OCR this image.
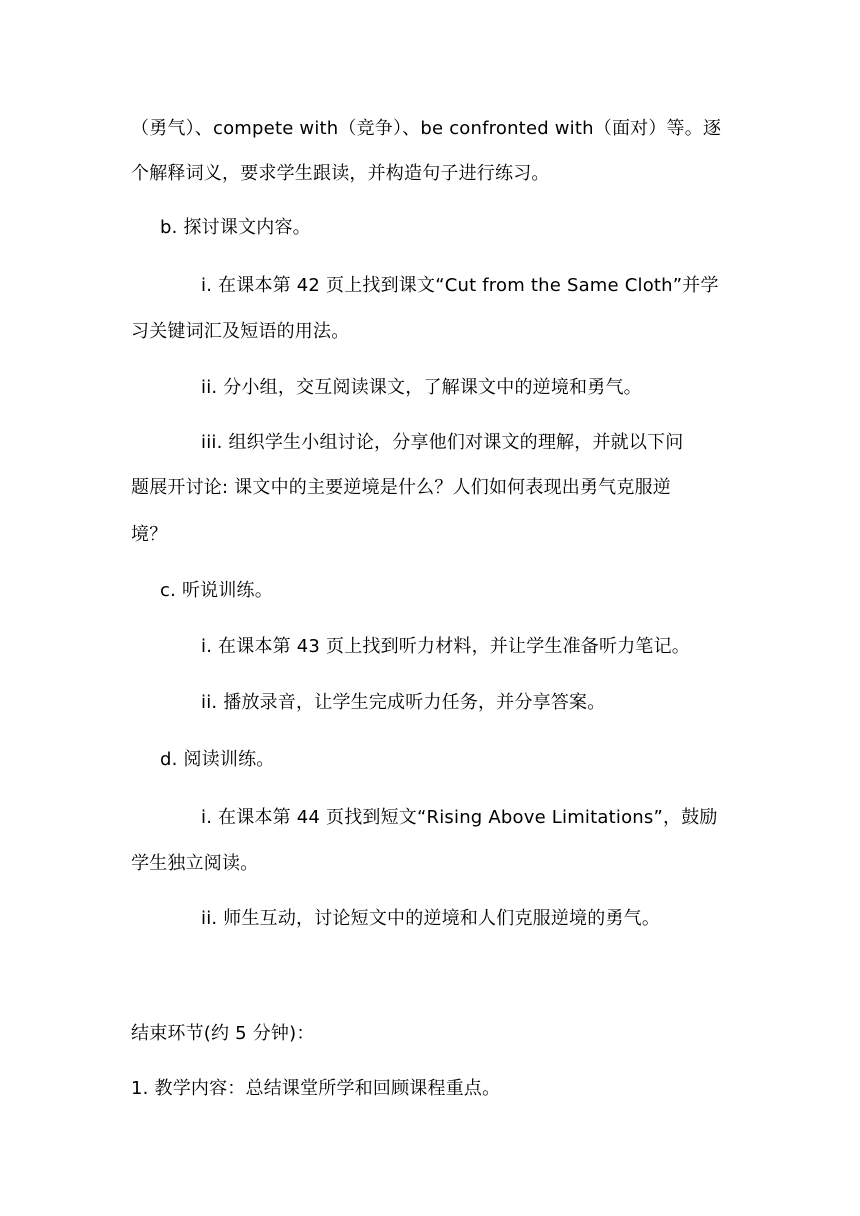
（勇气）、compete with（竞争）、be confronted with（面对）等。逐
个解释词义，要求学生跟读，并构造句子进行练习。
b. 探讨课文内容。
i. 在课本第 42 页上找到课文“Cut from the Same Cloth”并学
习关键词汇及短语的用法。
ii. 分小组，交互阅读课文，了解课文中的逆境和勇气。
iii. 组织学生小组讨论，分享他们对课文的理解，并就以下问
题展开讨论: 课文中的主要逆境是什么？人们如何表现出勇气克服逆
境？
c. 听说训练。
i. 在课本第 43 页上找到听力材料，并让学生准备听力笔记。
ii. 播放录音，让学生完成听力任务，并分享答案。
d. 阅读训练。
i. 在课本第 44 页找到短文“Rising Above Limitations”，鼓励
学生独立阅读。
ii. 师生互动，讨论短文中的逆境和人们克服逆境的勇气。
结束环节(约 5 分钟)：
1. 教学内容：总结课堂所学和回顾课程重点。
